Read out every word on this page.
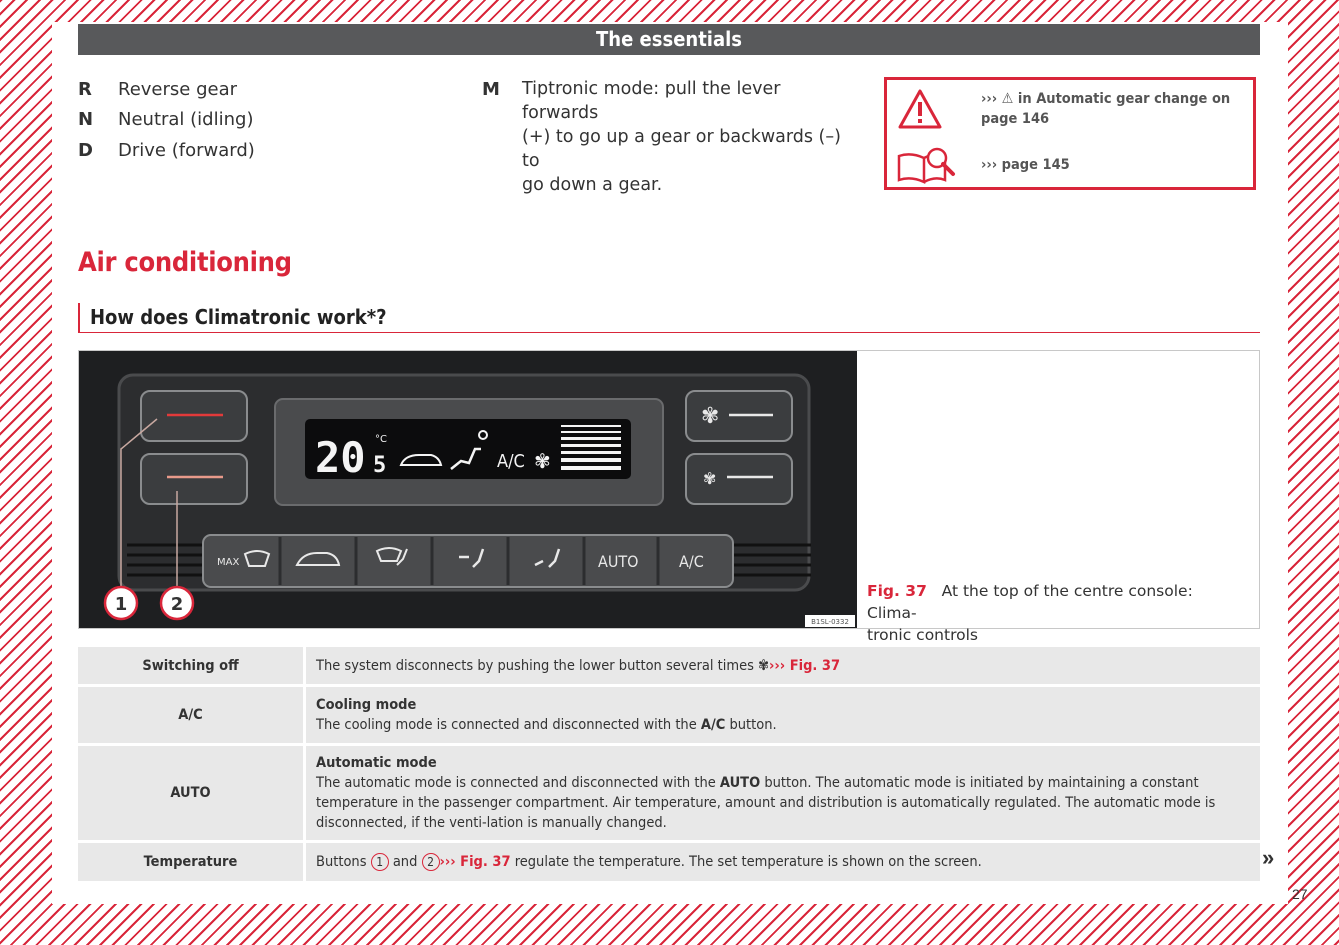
The essentials
R Reverse gear
N Neutral (idling)
D Drive (forward)
M Tiptronic mode: pull the lever forwards
(+) to go up a gear or backwards (–) to
go down a gear.
››› ⚠ in Automatic gear change on
page 146
››› page 145
Air conditioning
How does Climatronic work*?
20 5
°C
A/C ✾
✾
✾
MAX	AUTO	A/C
1 2
B1SL-0332
Fig. 37 At the top of the centre console: Clima-
tronic controls
Switching off	The system disconnects by pushing the lower button several times ✾››› Fig. 37
A/C	Cooling mode
The cooling mode is connected and disconnected with the A/C button.

AUTO	Automatic mode
The automatic mode is connected and disconnected with the AUTO button. The automatic mode is initiated by maintaining a constant temperature in the passenger compartment. Air temperature, amount and distribution is automatically regulated. The automatic mode is disconnected, if the venti-lation is manually changed.

Temperature	Buttons 1 and 2 ››› Fig. 37 regulate the temperature. The set temperature is shown on the screen.	»
27
